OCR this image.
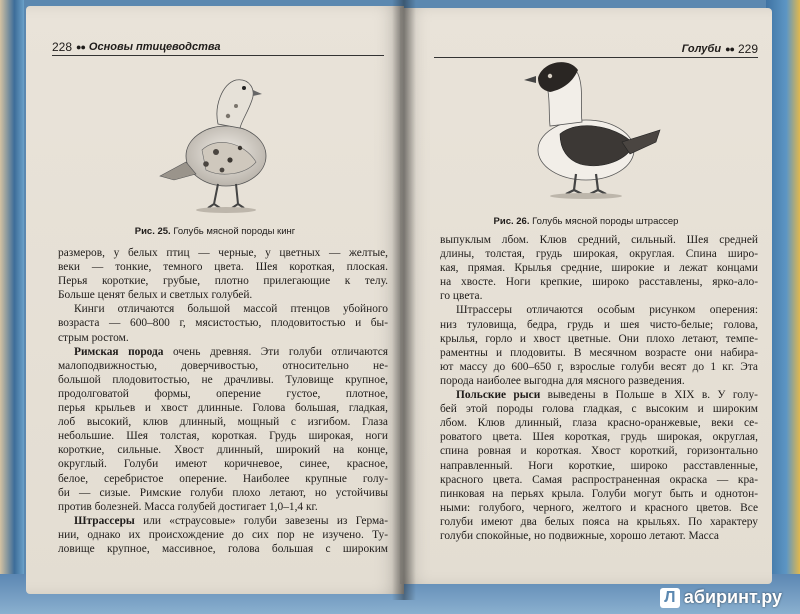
228 ●● Основы птицеводства
Рис. 25. Голубь мясной породы кинг
размеров, у белых птиц — черные, у цветных — желтые,
веки — тонкие, темного цвета. Шея короткая, плоская.
Перья короткие, грубые, плотно прилегающие к телу.
Больше ценят белых и светлых голубей.
Кинги отличаются большой массой птенцов убойного
возраста — 600–800 г, мясистостью, плодовитостью и бы-
стрым ростом.
Римская порода очень древняя. Эти голуби отличаются
малоподвижностью, доверчивостью, относительно не-
большой плодовитостью, не драчливы. Туловище крупное,
продолговатой формы, оперение густое, плотное,
перья крыльев и хвост длинные. Голова большая, гладкая,
лоб высокий, клюв длинный, мощный с изгибом. Глаза
небольшие. Шея толстая, короткая. Грудь широкая, ноги
короткие, сильные. Хвост длинный, широкий на конце,
округлый. Голуби имеют коричневое, синее, красное,
белое, серебристое оперение. Наиболее крупные голу-
би — сизые. Римские голуби плохо летают, но устойчивы
против болезней. Масса голубей достигает 1,0–1,4 кг.
Штрассеры или «страусовые» голуби завезены из Герма-
нии, однако их происхождение до сих пор не изучено. Ту-
ловище крупное, массивное, голова большая с широким
Голуби ●● 229
Рис. 26. Голубь мясной породы штрассер
выпуклым лбом. Клюв средний, сильный. Шея средней
длины, толстая, грудь широкая, округлая. Спина широ-
кая, прямая. Крылья средние, широкие и лежат концами
на хвосте. Ноги крепкие, широко расставлены, ярко-ало-
го цвета.
Штрассеры отличаются особым рисунком оперения:
низ туловища, бедра, грудь и шея чисто-белые; голова,
крылья, горло и хвост цветные. Они плохо летают, темпе-
раментны и плодовиты. В месячном возрасте они набира-
ют массу до 600–650 г, взрослые голуби весят до 1 кг. Эта
порода наиболее выгодна для мясного разведения.
Польские рыси выведены в Польше в XIX в. У голу-
бей этой породы голова гладкая, с высоким и широким
лбом. Клюв длинный, глаза красно-оранжевые, веки се-
роватого цвета. Шея короткая, грудь широкая, округлая,
спина ровная и короткая. Хвост короткий, горизонтально
направленный. Ноги короткие, широко расставленные,
красного цвета. Самая распространенная окраска — кра-
пинковая на перьях крыла. Голуби могут быть и однотон-
ными: голубого, черного, желтого и красного цветов. Все
голуби имеют два белых пояса на крыльях. По характеру
голуби спокойные, но подвижные, хорошо летают. Масса
Л абиринт.ру
